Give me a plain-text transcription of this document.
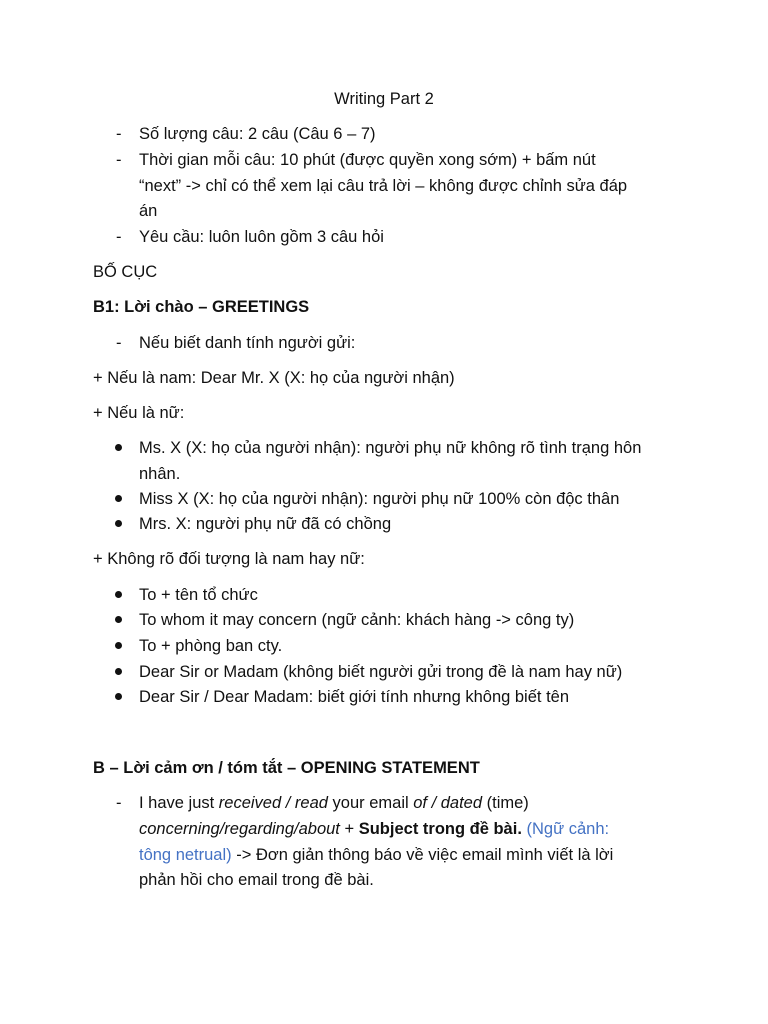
Writing Part 2
- Số lượng câu: 2 câu (Câu 6 – 7)
- Thời gian mỗi câu: 10 phút (được quyền xong sớm) + bấm nút
“next” -> chỉ có thể xem lại câu trả lời – không được chỉnh sửa đáp
án
- Yêu cầu: luôn luôn gồm 3 câu hỏi
BỐ CỤC
B1: Lời chào – GREETINGS
- Nếu biết danh tính người gửi:
+ Nếu là nam: Dear Mr. X (X: họ của người nhận)
+ Nếu là nữ:
Ms. X (X: họ của người nhận): người phụ nữ không rõ tình trạng hôn
nhân.
Miss X (X: họ của người nhận): người phụ nữ 100% còn độc thân
Mrs. X: người phụ nữ đã có chồng
+ Không rõ đối tượng là nam hay nữ:
To + tên tổ chức
To whom it may concern (ngữ cảnh: khách hàng -> công ty)
To + phòng ban cty.
Dear Sir or Madam (không biết người gửi trong đề là nam hay nữ)
Dear Sir / Dear Madam: biết giới tính nhưng không biết tên
B – Lời cảm ơn / tóm tắt – OPENING STATEMENT
- I have just received / read your email of / dated (time)
concerning/regarding/about + Subject trong đề bài. (Ngữ cảnh:
tông netrual) -> Đơn giản thông báo về việc email mình viết là lời
phản hồi cho email trong đề bài.
